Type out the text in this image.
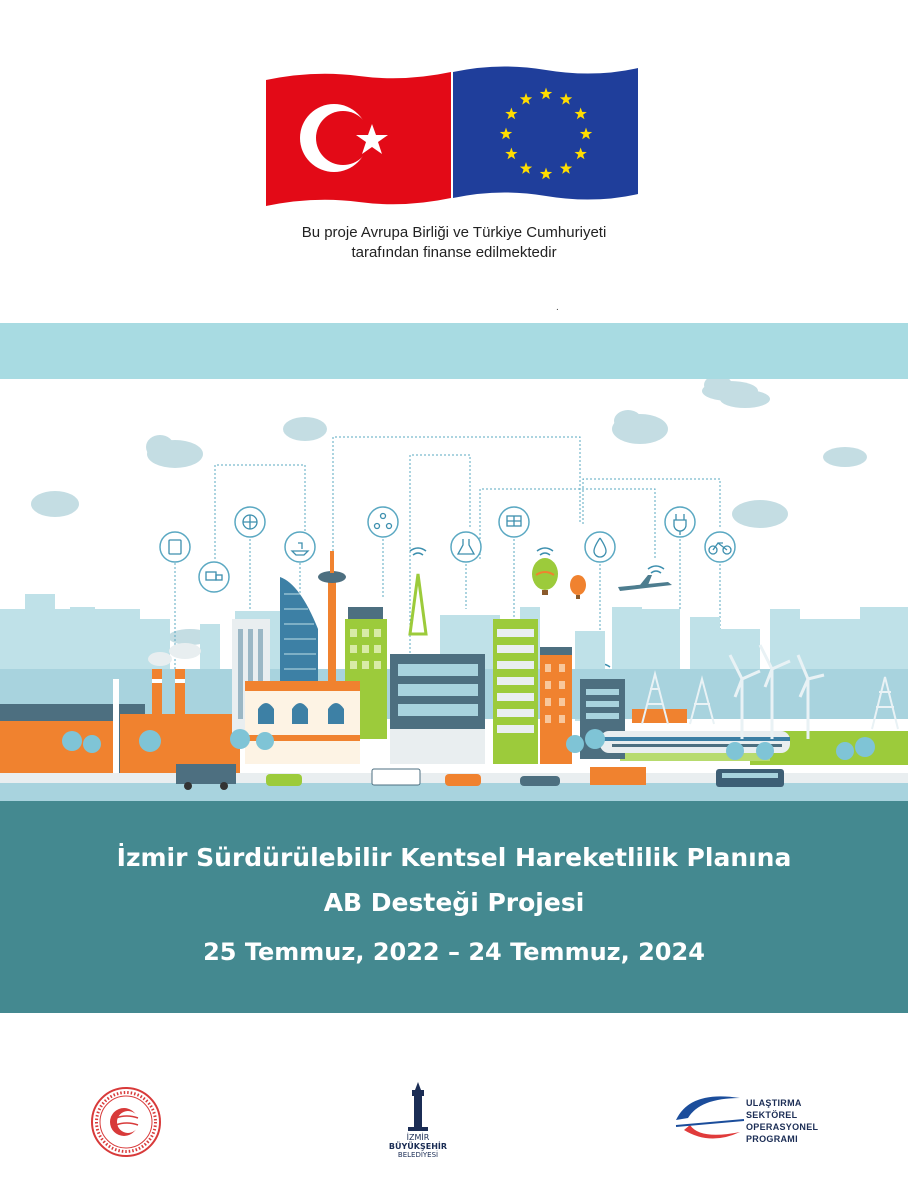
Bu proje Avrupa Birliği ve Türkiye Cumhuriyeti
tarafından finanse edilmektedir
.
İzmir Sürdürülebilir Kentsel Hareketlilik Planına
AB Desteği Projesi
25 Temmuz, 2022 – 24 Temmuz, 2024
İZMİR
BÜYÜKŞEHİR
BELEDİYESİ
ULAŞTIRMA
SEKTÖREL
OPERASYONEL
PROGRAMI
